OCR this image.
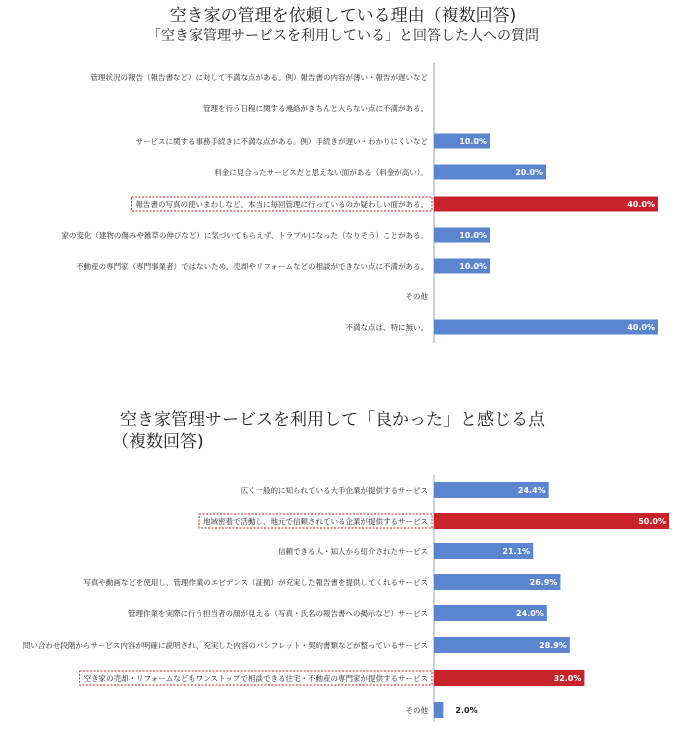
空き家の管理を依頼している理由（複数回答)
「空き家管理サービスを利用している」と回答した人への質問
空き家管理サービスを利用して「良かった」と感じる点
（複数回答)
管理状況の報告（報告書など）に対して不満な点がある。例）報告書の内容が薄い・報告が遅いなど
管理を行う日程に関する連絡がきちんと入らない点に不満がある。
サービスに関する事務手続きに不満な点がある。例）手続きが遅い・わかりにくいなど	10.0%
料金に見合ったサービスだと思えない面がある（料金が高い）。	20.0%
報告書の写真の使いまわしなど、本当に毎回管理に行っているのか疑わしい面がある。	40.0%
家の変化（建物の傷みや雑草の伸びなど）に気づいてもらえず、トラブルになった（なりそう）ことがある。	10.0%
不動産の専門家（専門事業者）ではないため、売却やリフォームなどの相談ができない点に不満がある。	10.0%
その他
不満な点は、特に無い。	40.0%
広く一般的に知られている大手企業が提供するサービス	24.4%
地域密着で活動し、地元で信頼されている企業が提供するサービス	50.0%
信頼できる人・知人から紹介されたサービス	21.1%
写真や動画などを使用し、管理作業のエビデンス（証拠）が充実した報告書を提供してくれるサービス	26.9%
管理作業を実際に行う担当者の顔が見える（写真・氏名の報告書への掲示など）サービス	24.0%
問い合わせ段階からサービス内容が明確に説明され、充実した内容のパンフレット・契約書類などが整っているサービス	28.9%
空き家の売却・リフォームなどもワンストップで相談できる住宅・不動産の専門家が提供するサービス	32.0%
その他	2.0%
